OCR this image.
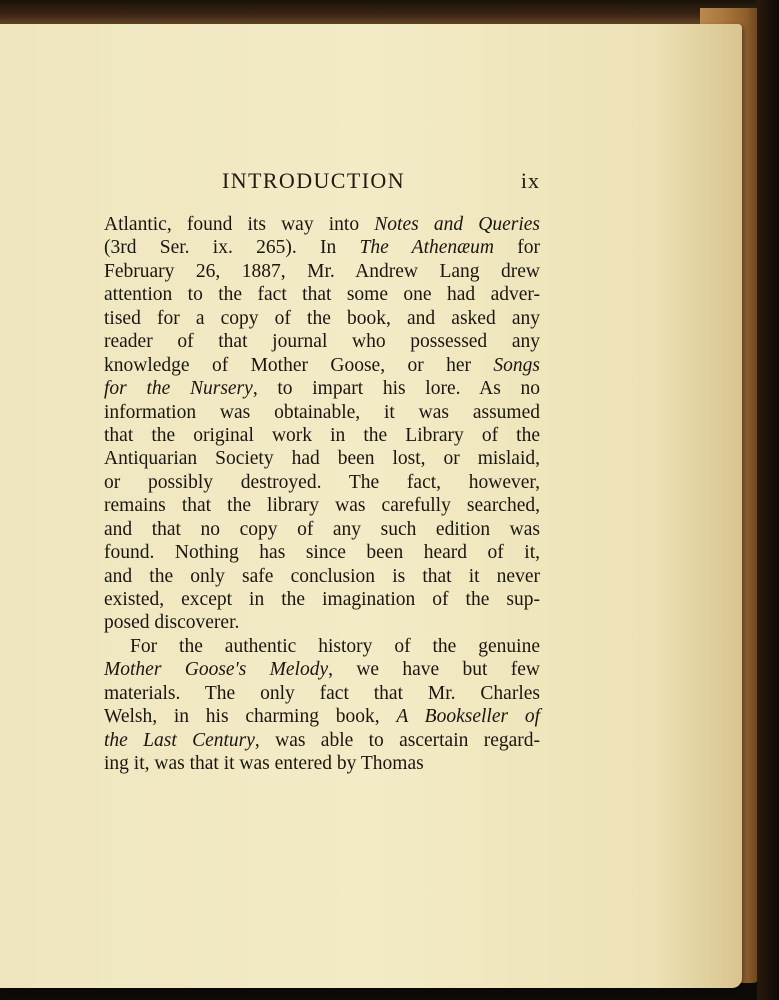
INTRODUCTION	ix
Atlantic, found its way into Notes and Queries
(3rd Ser. ix. 265). In The Athenæum for
February 26, 1887, Mr. Andrew Lang drew
attention to the fact that some one had adver-
tised for a copy of the book, and asked any
reader of that journal who possessed any
knowledge of Mother Goose, or her Songs
for the Nursery, to impart his lore. As no
information was obtainable, it was assumed
that the original work in the Library of the
Antiquarian Society had been lost, or mislaid,
or possibly destroyed. The fact, however,
remains that the library was carefully searched,
and that no copy of any such edition was
found. Nothing has since been heard of it,
and the only safe conclusion is that it never
existed, except in the imagination of the sup-
posed discoverer.
For the authentic history of the genuine
Mother Goose's Melody, we have but few
materials. The only fact that Mr. Charles
Welsh, in his charming book, A Bookseller of
the Last Century, was able to ascertain regard-
ing it, was that it was entered by Thomas
